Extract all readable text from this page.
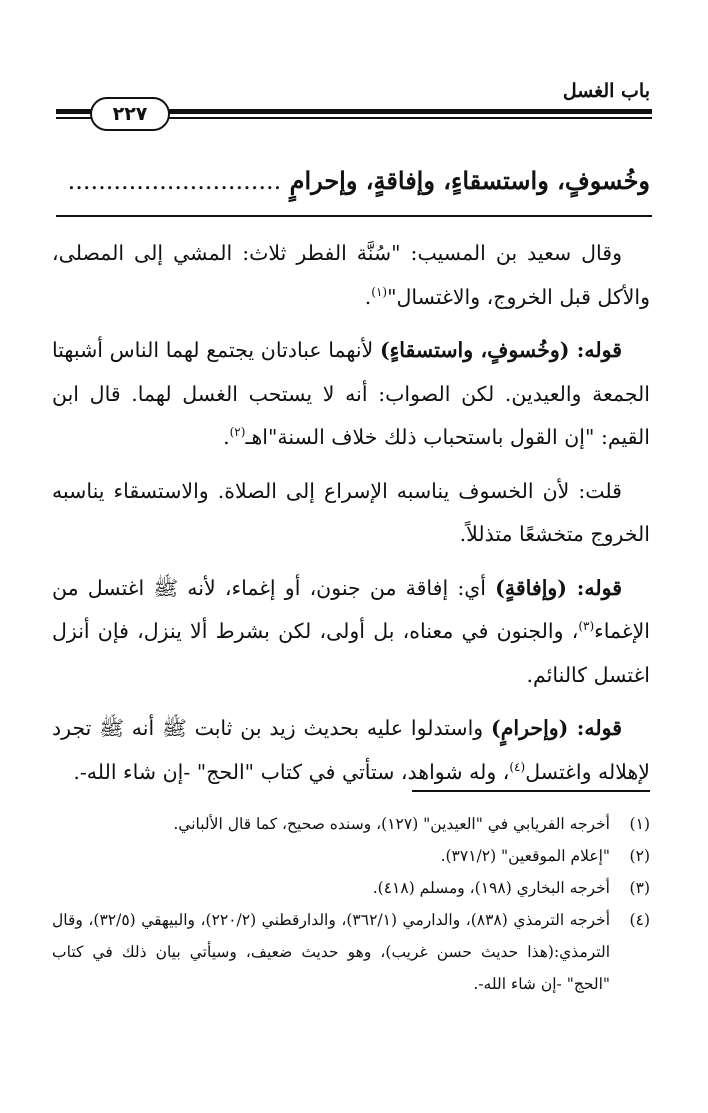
باب الغسل
٢٢٧

وخُسوفٍ، واستسقاءٍ، وإفاقةٍ، وإحرامٍ ............................

وقال سعيد بن المسيب: "سُنَّة الفطر ثلاث: المشي إلى المصلى، والأكل قبل الخروج، والاغتسال"$^{(١)}$.

قوله: (وخُسوفٍ، واستسقاءٍ) لأنهما عبادتان يجتمع لهما الناس أشبهتا الجمعة والعيدين. لكن الصواب: أنه لا يستحب الغسل لهما. قال ابن القيم: "إن القول باستحباب ذلك خلاف السنة"اهـ$^{(٢)}$.

قلت: لأن الخسوف يناسبه الإسراع إلى الصلاة. والاستسقاء يناسبه الخروج متخشعًا متذللاً.

قوله: (وإفاقةٍ) أي: إفاقة من جنون، أو إغماء، لأنه ﷺ اغتسل من الإغماء$^{(٣)}$، والجنون في معناه، بل أولى، لكن بشرط ألا ينزل، فإن أنزل اغتسل كالنائم.

قوله: (وإحرامٍ) واستدلوا عليه بحديث زيد بن ثابت ﷺ أنه ﷺ تجرد لإهلاله واغتسل$^{(٤)}$، وله شواهد، ستأتي في كتاب "الحج" -إن شاء الله-.

(١)
أخرجه الفريابي في "العيدين" (١٢٧)، وسنده صحيح، كما قال الألباني.

(٢)
"إعلام الموقعين" (٣٧١/٢).

(٣)
أخرجه البخاري (١٩٨)، ومسلم (٤١٨).

(٤)
أخرجه الترمذي (٨٣٨)، والدارمي (٣٦٢/١)، والدارقطني (٢٢٠/٢)، والبيهقي (٣٢/٥)، وقال الترمذي:(هذا حديث حسن غريب)، وهو حديث ضعيف، وسيأتي بيان ذلك في كتاب "الحج" -إن شاء الله-.
